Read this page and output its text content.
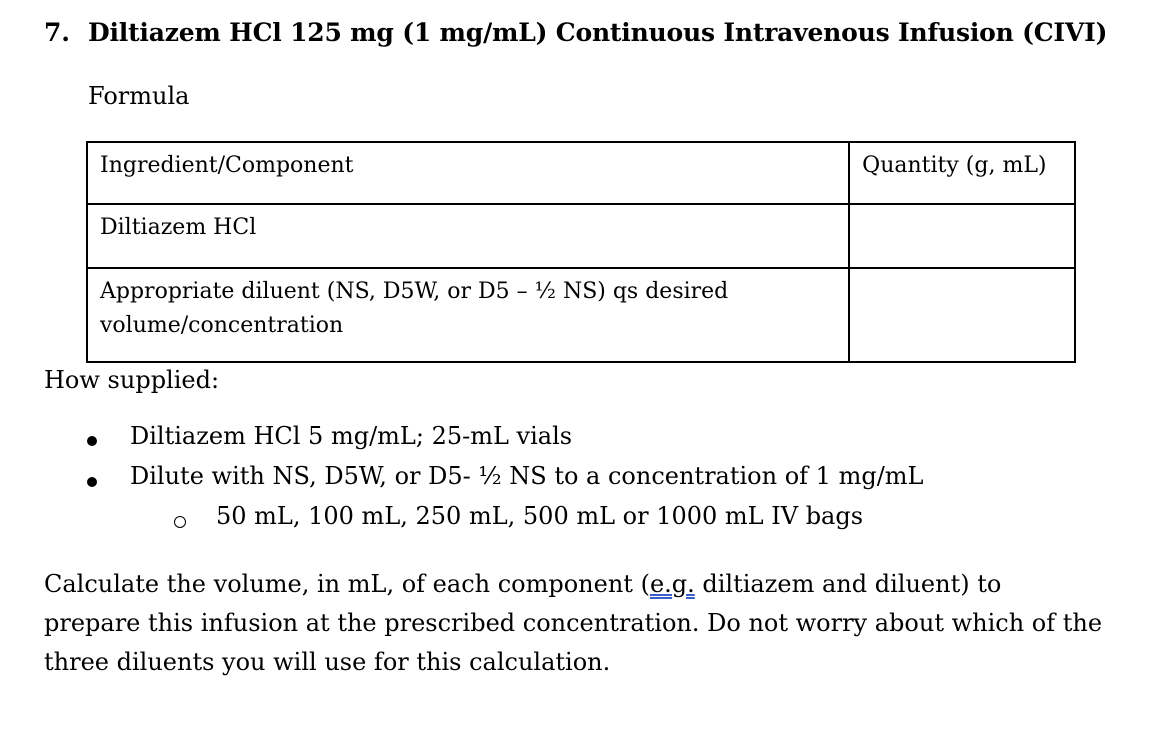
7. Diltiazem HCl 125 mg (1 mg/mL) Continuous Intravenous Infusion (CIVI)
Formula
Ingredient/Component	Quantity (g, mL)
Diltiazem HCl	

Appropriate diluent (NS, D5W, or D5 – ½ NS) qs desired
volume/concentration	

How supplied:
Diltiazem HCl 5 mg/mL; 25-mL vials
Dilute with NS, D5W, or D5- ½ NS to a concentration of 1 mg/mL
50 mL, 100 mL, 250 mL, 500 mL or 1000 mL IV bags
Calculate the volume, in mL, of each component (e.g. diltiazem and diluent) to prepare this infusion at the prescribed concentration. Do not worry about which of the three diluents you will use for this calculation.
